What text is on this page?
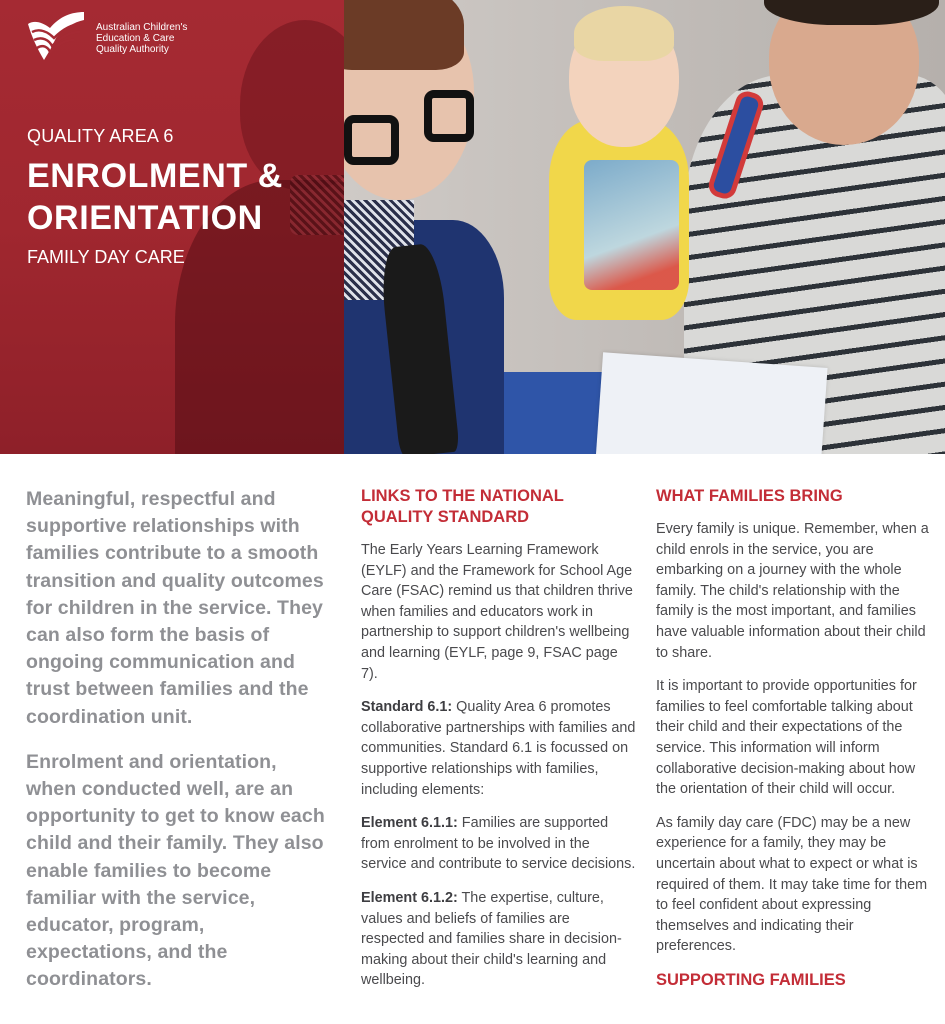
Australian Children's
Education & Care
Quality Authority
QUALITY AREA 6
ENROLMENT &
ORIENTATION
FAMILY DAY CARE

Meaningful, respectful and supportive relationships with families contribute to a smooth transition and quality outcomes for children in the service. They can also form the basis of ongoing communication and trust between families and the coordination unit.

Enrolment and orientation, when conducted well, are an opportunity to get to know each child and their family. They also enable families to become familiar with the service, educator, program, expectations, and the coordinators.

LINKS TO THE NATIONAL QUALITY STANDARD

The Early Years Learning Framework (EYLF) and the Framework for School Age Care (FSAC) remind us that children thrive when families and educators work in partnership to support children's wellbeing and learning (EYLF, page 9, FSAC page 7).

Standard 6.1: Quality Area 6 promotes collaborative partnerships with families and communities. Standard 6.1 is focussed on supportive relationships with families, including elements:

Element 6.1.1: Families are supported from enrolment to be involved in the service and contribute to service decisions.

Element 6.1.2: The expertise, culture, values and beliefs of families are respected and families share in decision-making about their child's learning and wellbeing.

WHAT FAMILIES BRING

Every family is unique. Remember, when a child enrols in the service, you are embarking on a journey with the whole family. The child's relationship with the family is the most important, and families have valuable information about their child to share.

It is important to provide opportunities for families to feel comfortable talking about their child and their expectations of the service. This information will inform collaborative decision-making about how the orientation of their child will occur.

As family day care (FDC) may be a new experience for a family, they may be uncertain about what to expect or what is required of them. It may take time for them to feel confident about expressing themselves and indicating their preferences.

SUPPORTING FAMILIES
